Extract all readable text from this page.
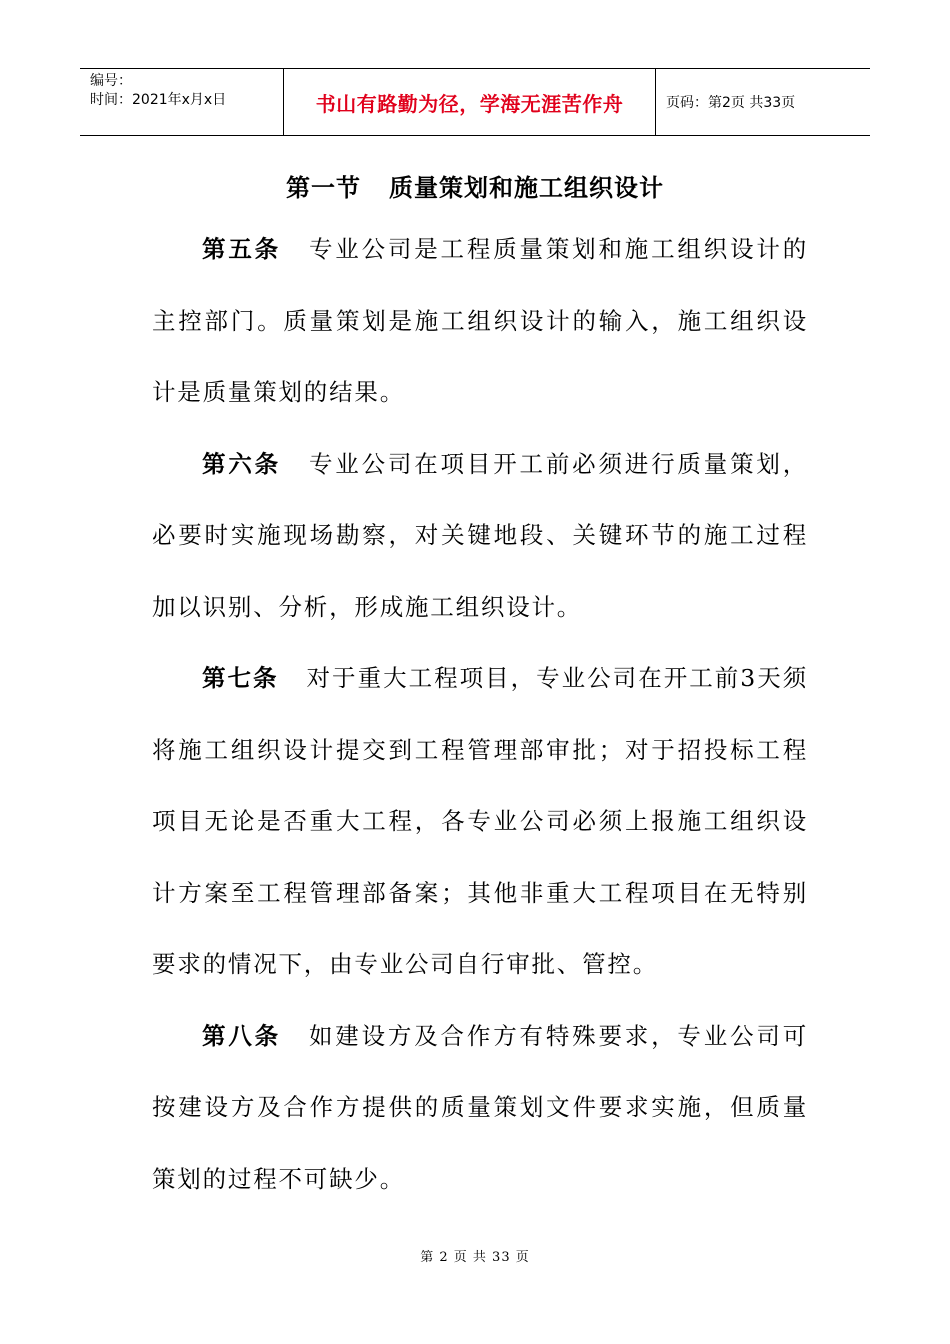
编号：
时间：2021年x月x日	书山有路勤为径，学海无涯苦作舟	页码：第2页 共33页
第一节   质量策划和施工组织设计

第五条 专业公司是工程质量策划和施工组织设计的主控部门。质量策划是施工组织设计的输入，施工组织设计是质量策划的结果。

第六条 专业公司在项目开工前必须进行质量策划，必要时实施现场勘察，对关键地段、关键环节的施工过程加以识别、分析，形成施工组织设计。

第七条 对于重大工程项目，专业公司在开工前3天须将施工组织设计提交到工程管理部审批；对于招投标工程项目无论是否重大工程，各专业公司必须上报施工组织设计方案至工程管理部备案；其他非重大工程项目在无特别要求的情况下，由专业公司自行审批、管控。

第八条 如建设方及合作方有特殊要求，专业公司可按建设方及合作方提供的质量策划文件要求实施，但质量策划的过程不可缺少。

第 2 页 共 33 页
